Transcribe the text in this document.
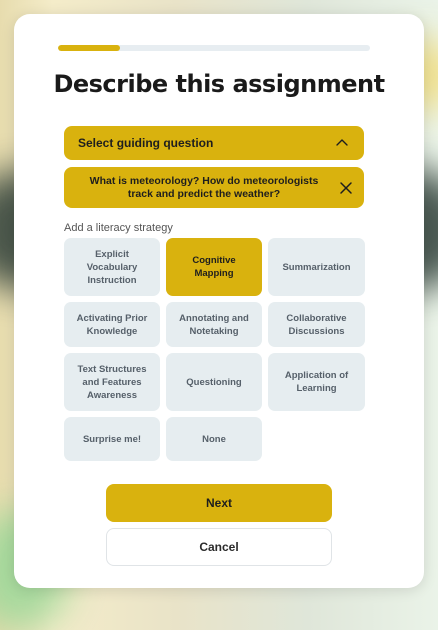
Describe this assignment
Select guiding question
What is meteorology? How do meteorologists track and predict the weather?
Add a literacy strategy
Explicit Vocabulary Instruction
Cognitive Mapping
Summarization
Activating Prior Knowledge
Annotating and Notetaking
Collaborative Discussions
Text Structures and Features Awareness
Questioning
Application of Learning
Surprise me!	None
Next
Cancel
